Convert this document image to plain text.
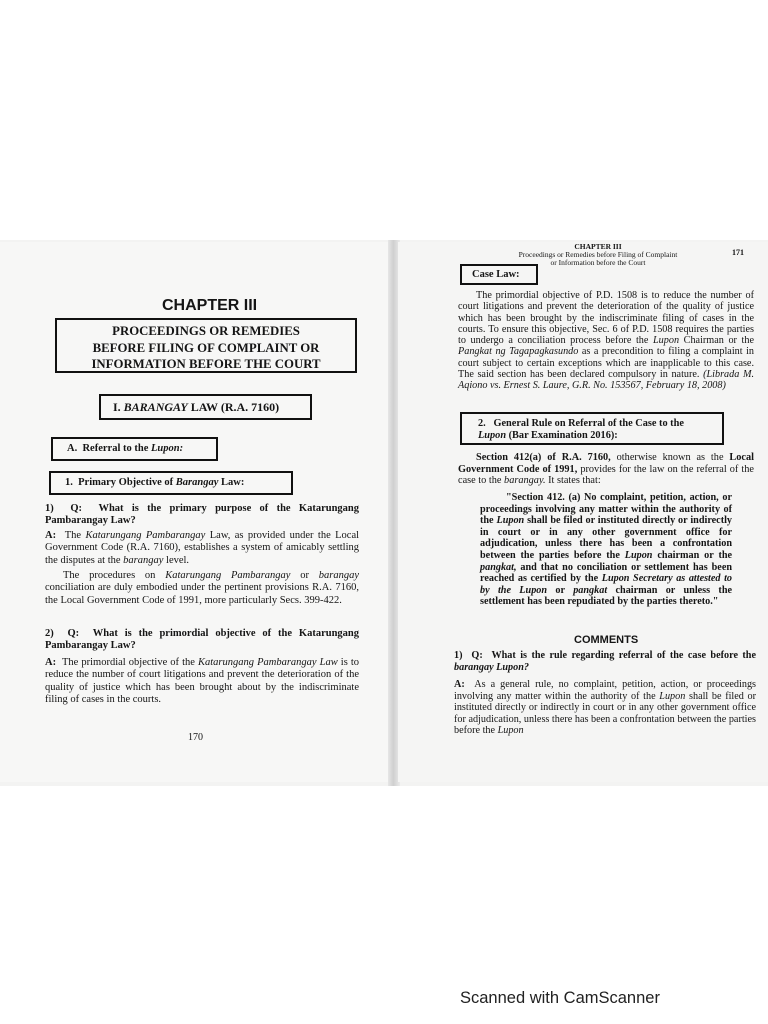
CHAPTER III
PROCEEDINGS OR REMEDIES
BEFORE FILING OF COMPLAINT OR
INFORMATION BEFORE THE COURT
I. BARANGAY LAW (R.A. 7160)
A. Referral to the Lupon:
1. Primary Objective of Barangay Law:
1) Q: What is the primary purpose of the Katarungang Pambarangay Law?
A: The Katarungang Pambarangay Law, as provided under the Local Government Code (R.A. 7160), establishes a system of amicably settling the disputes at the barangay level.
The procedures on Katarungang Pambarangay or barangay conciliation are duly embodied under the pertinent provisions R.A. 7160, the Local Government Code of 1991, more particularly Secs. 399-422.
2) Q: What is the primordial objective of the Katarungang Pambarangay Law?
A: The primordial objective of the Katarungang Pambarangay Law is to reduce the number of court litigations and prevent the deterioration of the quality of justice which has been brought about by the indiscriminate filing of cases in the courts.
170
CHAPTER III
Proceedings or Remedies before Filing of Complaint
or Information before the Court
171
Case Law:
The primordial objective of P.D. 1508 is to reduce the number of court litigations and prevent the deterioration of the quality of justice which has been brought by the indiscriminate filing of cases in the courts. To ensure this objective, Sec. 6 of P.D. 1508 requires the parties to undergo a conciliation process before the Lupon Chairman or the Pangkat ng Tagapagkasundo as a precondition to filing a complaint in court subject to certain exceptions which are inapplicable to this case. The said section has been declared compulsory in nature. (Librada M. Aqiono vs. Ernest S. Laure, G.R. No. 153567, February 18, 2008)
2. General Rule on Referral of the Case to the Lupon (Bar Examination 2016):
Section 412(a) of R.A. 7160, otherwise known as the Local Government Code of 1991, provides for the law on the referral of the case to the barangay. It states that:
"Section 412. (a) No complaint, petition, action, or proceedings involving any matter within the authority of the Lupon shall be filed or instituted directly or indirectly in court or in any other government office for adjudication, unless there has been a confrontation between the parties before the Lupon chairman or the pangkat, and that no conciliation or settlement has been reached as certified by the Lupon Secretary as attested to by the Lupon or pangkat chairman or unless the settlement has been repudiated by the parties thereto."
COMMENTS
1) Q: What is the rule regarding referral of the case before the barangay Lupon?
A: As a general rule, no complaint, petition, action, or proceedings involving any matter within the authority of the Lupon shall be filed or instituted directly or indirectly in court or in any other government office for adjudication, unless there has been a confrontation between the parties before the Lupon
Scanned with CamScanner
